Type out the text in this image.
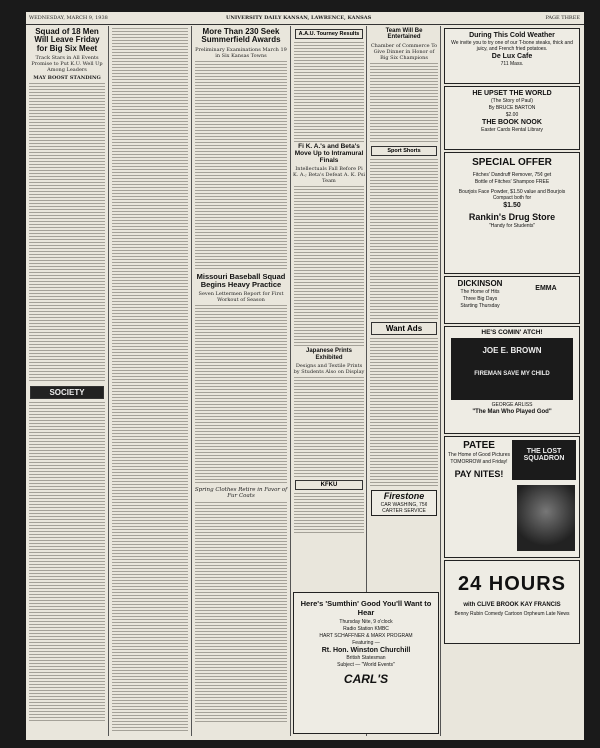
WEDNESDAY, MARCH 9, 1938	UNIVERSITY DAILY KANSAN, LAWRENCE, KANSAS	PAGE THREE
Squad of 18 Men Will Leave Friday for Big Six Meet
Track Stars in All Events Promise to Put K.U. Well Up Among Leaders
MAY BOOST STANDING
SOCIETY
More Than 230 Seek Summerfield Awards
Preliminary Examinations March 19 in Six Kansas Towns
Missouri Baseball Squad Begins Heavy Practice
Seven Lettermen Report for First Workout of Season
Spring Clothes Retire in Favor of Fur Coats
A.A.U. Tourney Results
Fi K. A.'s and Beta's Move Up to Intramural Finals
Intellectuals Fall Before Pi K. A.; Beta's Defeat A. K. Psi Team
Japanese Prints Exhibited
Designs and Textile Prints by Students Also on Display
KFKU
Team Will Be Entertained
Chamber of Commerce To Give Dinner in Honor of Big Six Champions
Sport Shorts
Want Ads
Firestone
CAR WASHING, 75¢ CARTER SERVICE
Here's 'Sumthin' Good You'll Want to Hear
Thursday Nite, 9 o'clock
Radio Station KMBC
HART SCHAFFNER & MARX PROGRAM
Featuring —
Rt. Hon. Winston Churchill
British Statesman
Subject — "World Events"
CARL'S
During This Cold Weather
We invite you to try one of our T-bone steaks, thick and juicy, and French fried potatoes.
De Lux Cafe
711 Mass.
HE UPSET THE WORLD
(The Story of Paul)
By BRUCE BARTON
$2.00
THE BOOK NOOK
Easter Cards Rental Library
SPECIAL OFFER
Fitches' Dandruff Remover, 75¢ get
Bottle of Fitches' Shampoo FREE
Bourjois Face Powder, $1.50 value and Bourjois Compact both for
$1.50
Rankin's Drug Store
"Handy for Students"
DICKINSON
The Home of Hits
Three Big Days
Starting Thursday
EMMA
HE'S COMIN' ATCH!
JOE E. BROWN
FIREMAN SAVE MY CHILD
GEORGE ARLISS
"The Man Who Played God"
PATEE
The Home of Good Pictures
TOMORROW and Friday!
PAY NITES!
THE LOST SQUADRON
24 HOURS
with CLIVE BROOK KAY FRANCIS
Benny Rubin Comedy Cartoon Orpheum Late News
